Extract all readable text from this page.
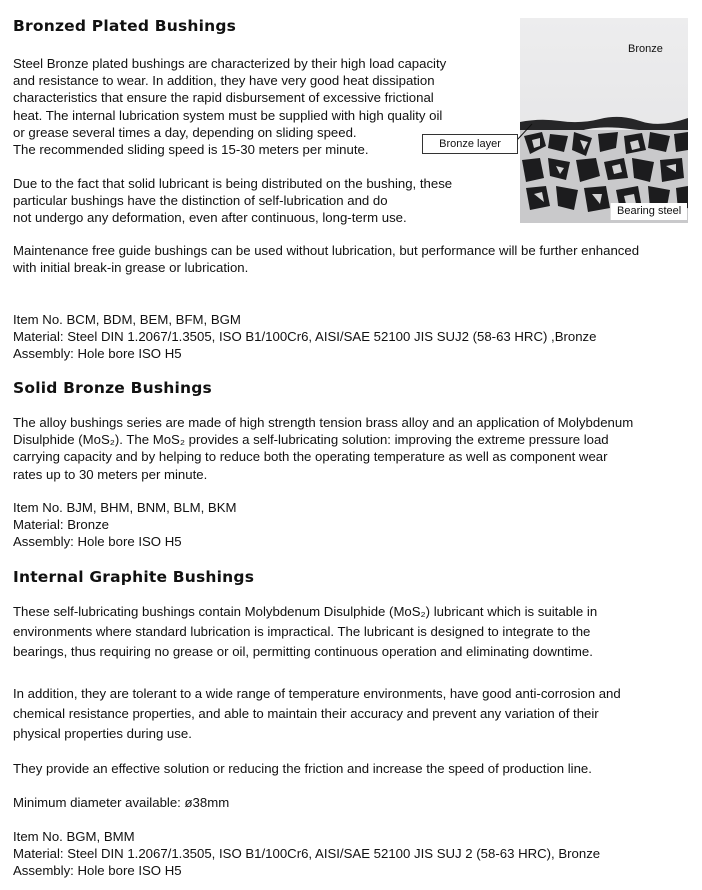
Bronzed Plated Bushings

Steel Bronze plated bushings are characterized by their high load capacity
and resistance to wear. In addition, they have very good heat dissipation
characteristics that ensure the rapid disbursement of excessive frictional
heat. The internal lubrication system must be supplied with high quality oil
or grease several times a day, depending on sliding speed.
The recommended sliding speed is 15-30 meters per minute.

Due to the fact that solid lubricant is being distributed on the bushing, these
particular bushings have the distinction of self-lubrication and do
not undergo any deformation, even after continuous, long-term use.

Maintenance free guide bushings can be used without lubrication, but performance will be further enhanced
with initial break-in grease or lubrication.

Item No. BCM, BDM, BEM, BFM, BGM
Material: Steel DIN 1.2067/1.3505, ISO B1/100Cr6, AISI/SAE 52100 JIS SUJ2 (58-63 HRC) ,Bronze
Assembly: Hole bore ISO H5

Bronze
Bearing steel
Bronze layer
Solid Bronze Bushings

The alloy bushings series are made of high strength tension brass alloy and an application of Molybdenum
Disulphide (MoS₂). The MoS₂ provides a self-lubricating solution: improving the extreme pressure load
carrying capacity and by helping to reduce both the operating temperature as well as component wear
rates up to 30 meters per minute.

Item No. BJM, BHM, BNM, BLM, BKM
Material: Bronze
Assembly: Hole bore ISO H5

Internal Graphite Bushings

These self-lubricating bushings contain Molybdenum Disulphide (MoS₂) lubricant which is suitable in
environments where standard lubrication is impractical. The lubricant is designed to integrate to the
bearings, thus requiring no grease or oil, permitting continuous operation and eliminating downtime.

In addition, they are tolerant to a wide range of temperature environments, have good anti-corrosion and
chemical resistance properties, and able to maintain their accuracy and prevent any variation of their
physical properties during use.

They provide an effective solution or reducing the friction and increase the speed of production line.

Minimum diameter available: ø38mm

Item No. BGM, BMM
Material: Steel DIN 1.2067/1.3505, ISO B1/100Cr6, AISI/SAE 52100 JIS SUJ 2 (58-63 HRC), Bronze
Assembly: Hole bore ISO H5
